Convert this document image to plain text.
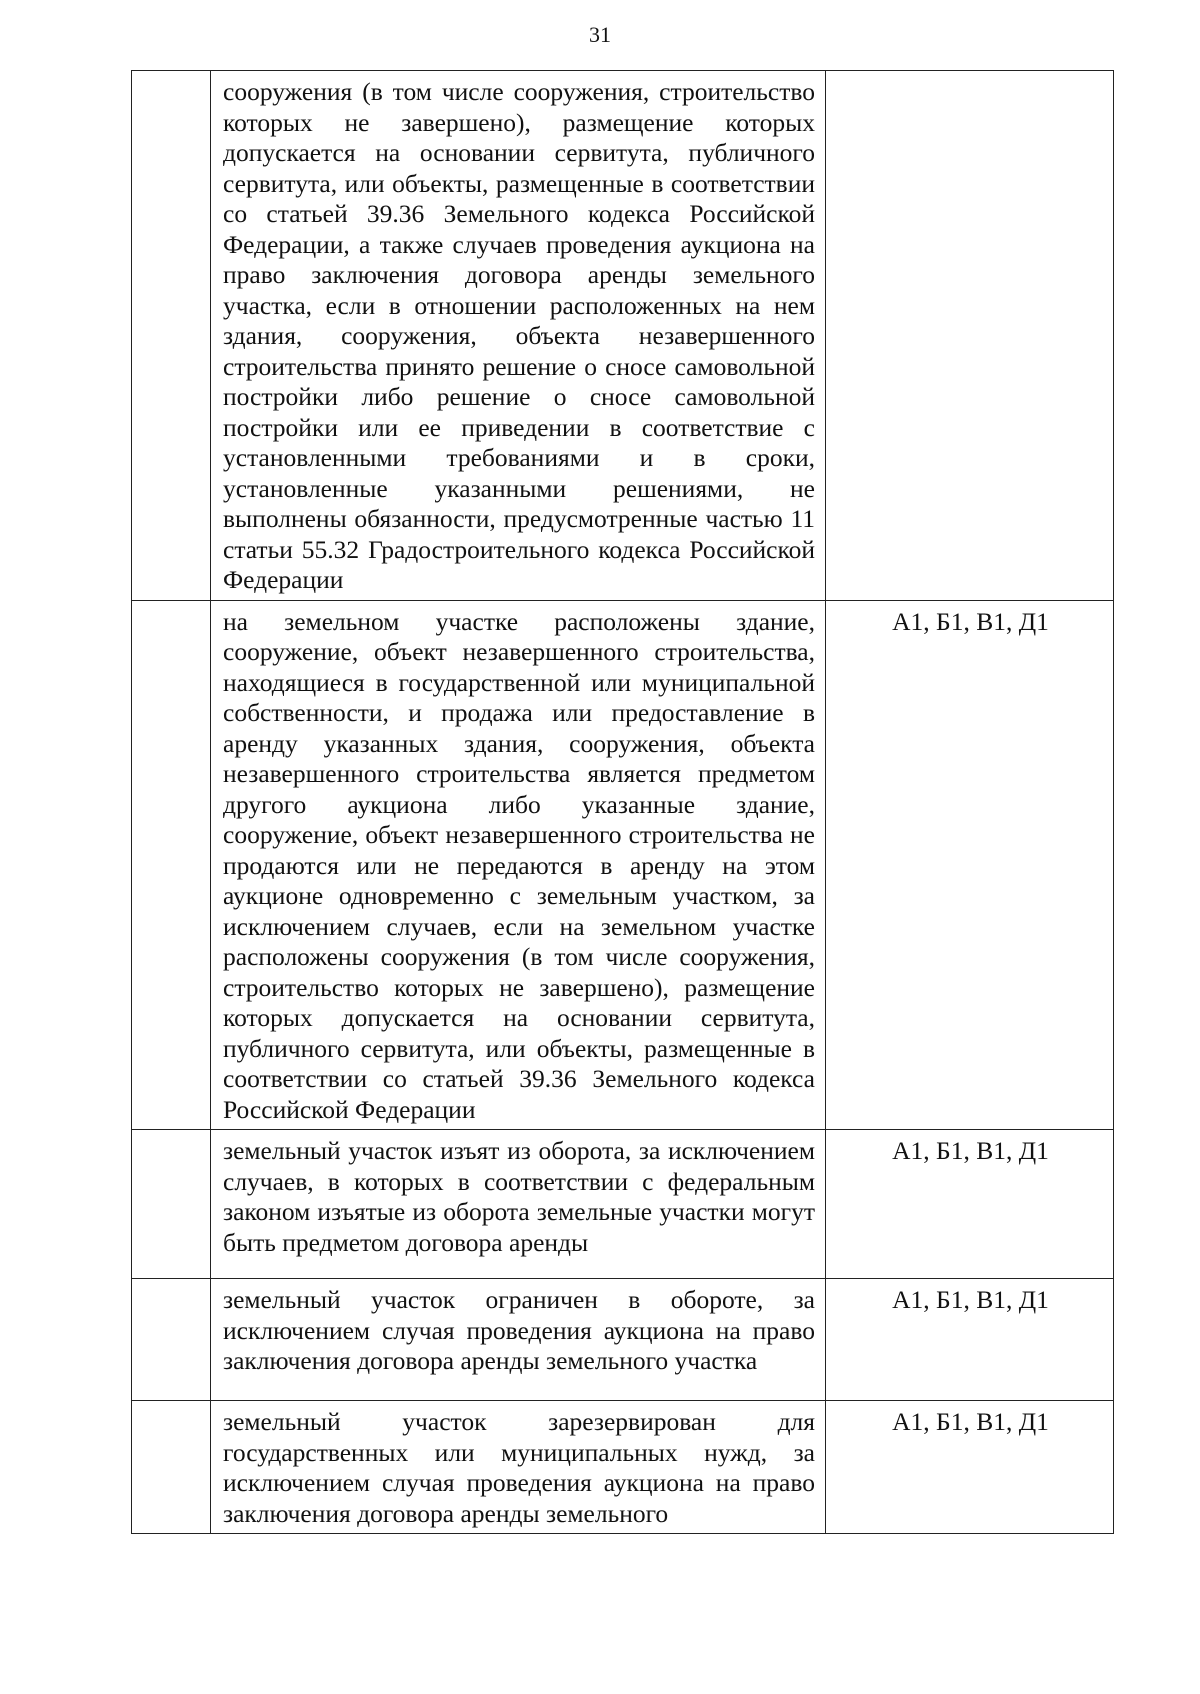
31
	сооружения (в том числе сооружения, строительство которых не завершено), размещение которых допускается на основании сервитута, публичного сервитута, или объекты, размещенные в соответствии со статьей 39.36 Земельного кодекса Российской Федерации, а также случаев проведения аукциона на право заключения договора аренды земельного участка, если в отношении расположенных на нем здания, сооружения, объекта незавершенного строительства принято решение о сносе самовольной постройки либо решение о сносе самовольной постройки или ее приведении в соответствие с установленными требованиями и в сроки, установленные указанными решениями, не выполнены обязанности, предусмотренные частью 11 статьи 55.32 Градостроительного кодекса Российской Федерации	
	на земельном участке расположены здание, сооружение, объект незавершенного строительства, находящиеся в государственной или муниципальной собственности, и продажа или предоставление в аренду указанных здания, сооружения, объекта незавершенного строительства является предметом другого аукциона либо указанные здание, сооружение, объект незавершенного строительства не продаются или не передаются в аренду на этом аукционе одновременно с земельным участком, за исключением случаев, если на земельном участке расположены сооружения (в том числе сооружения, строительство которых не завершено), размещение которых допускается на основании сервитута, публичного сервитута, или объекты, размещенные в соответствии со статьей 39.36 Земельного кодекса Российской Федерации	А1, Б1, В1, Д1
	земельный участок изъят из оборота, за исключением случаев, в которых в соответствии с федеральным законом изъятые из оборота земельные участки могут быть предметом договора аренды	А1, Б1, В1, Д1
	земельный участок ограничен в обороте, за исключением случая проведения аукциона на право заключения договора аренды земельного участка	А1, Б1, В1, Д1
	земельный участок зарезервирован для государственных или муниципальных нужд, за исключением случая проведения аукциона на право заключения договора аренды земельного	А1, Б1, В1, Д1
